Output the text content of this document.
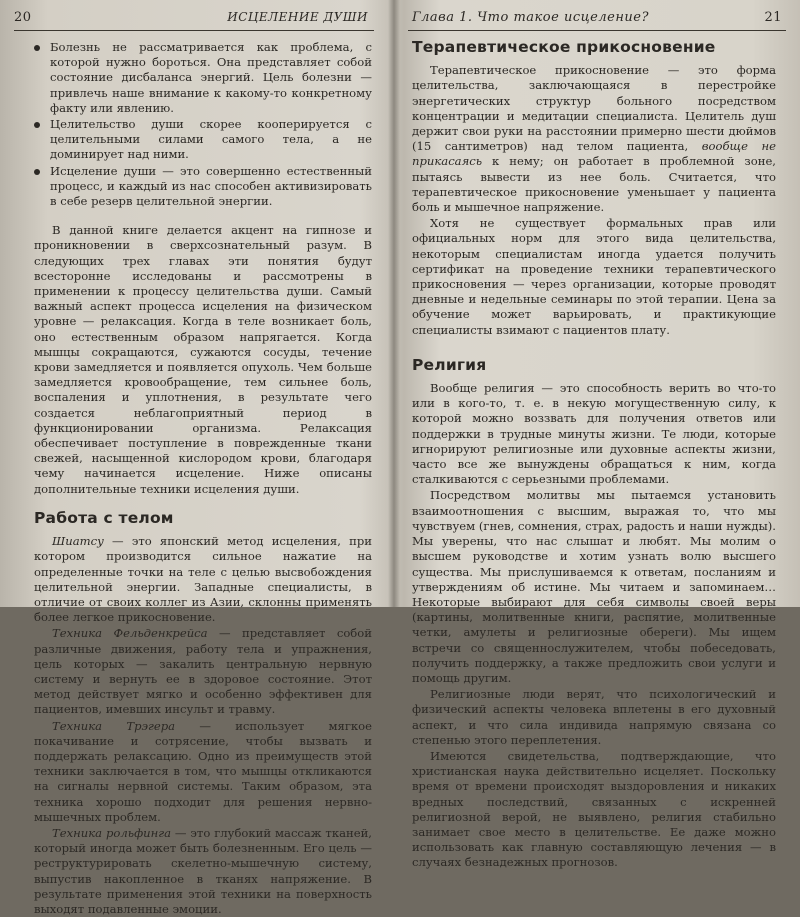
20	ИСЦЕЛЕНИЕ ДУШИ
Болезнь не рассматривается как проблема, с которой нужно бороться. Она представляет собой состояние дисбаланса энергий. Цель болезни — привлечь наше внимание к какому-то конкретному факту или явлению.
Целительство души скорее кооперируется с целительными силами самого тела, а не доминирует над ними.
Исцеление души — это совершенно естественный процесс, и каждый из нас способен активизировать в себе резерв целительной энергии.

В данной книге делается акцент на гипнозе и проникновении в сверхсознательный разум. В следующих трех главах эти понятия будут всесторонне исследованы и рассмотрены в применении к процессу целительства души. Самый важный аспект процесса исцеления на физическом уровне — релаксация. Когда в теле возникает боль, оно естественным образом напрягается. Когда мышцы сокращаются, сужаются сосуды, течение крови замедляется и появляется опухоль. Чем больше замедляется кровообращение, тем сильнее боль, воспаления и уплотнения, в результате чего создается неблагоприятный период в функционировании организма. Релаксация обеспечивает поступление в поврежденные ткани свежей, насыщенной кислородом крови, благодаря чему начинается исцеление. Ниже описаны дополнительные техники исцеления души.

Работа с телом

Шиатсу — это японский метод исцеления, при котором производится сильное нажатие на определенные точки на теле с целью высвобождения целительной энергии. Западные специалисты, в отличие от своих коллег из Азии, склонны применять более легкое прикосновение.

Техника Фельденкрейса — представляет собой различные движения, работу тела и упражнения, цель которых — закалить центральную нервную систему и вернуть ее в здоровое состояние. Этот метод действует мягко и особенно эффективен для пациентов, имевших инсульт и травму.

Техника Трэгера — использует мягкое покачивание и сотрясение, чтобы вызвать и поддержать релаксацию. Одно из преимуществ этой техники заключается в том, что мышцы откликаются на сигналы нервной системы. Таким образом, эта техника хорошо подходит для решения нервно-мышечных проблем.

Техника рольфинга — это глубокий массаж тканей, который иногда может быть болезненным. Его цель — реструктурировать скелетно-мышечную систему, выпустив накопленное в тканях напряжение. В результате применения этой техники на поверхность выходят подавленные эмоции.

Глава 1. Что такое исцеление?	21
Терапевтическое прикосновение

Терапевтическое прикосновение — это форма целительства, заключающаяся в перестройке энергетических структур больного посредством концентрации и медитации специалиста. Целитель душ держит свои руки на расстоянии примерно шести дюймов (15 сантиметров) над телом пациента, вообще не прикасаясь к нему; он работает в проблемной зоне, пытаясь вывести из нее боль. Считается, что терапевтическое прикосновение уменьшает у пациента боль и мышечное напряжение.

Хотя не существует формальных прав или официальных норм для этого вида целительства, некоторым специалистам иногда удается получить сертификат на проведение техники терапевтического прикосновения — через организации, которые проводят дневные и недельные семинары по этой терапии. Цена за обучение может варьировать, и практикующие специалисты взимают с пациентов плату.

Религия

Вообще религия — это способность верить во что-то или в кого-то, т. е. в некую могущественную силу, к которой можно воззвать для получения ответов или поддержки в трудные минуты жизни. Те люди, которые игнорируют религиозные или духовные аспекты жизни, часто все же вынуждены обращаться к ним, когда сталкиваются с серьезными проблемами.

Посредством молитвы мы пытаемся установить взаимоотношения с высшим, выражая то, что мы чувствуем (гнев, сомнения, страх, радость и наши нужды). Мы уверены, что нас слышат и любят. Мы молим о высшем руководстве и хотим узнать волю высшего существа. Мы прислушиваемся к ответам, посланиям и утверждениям об истине. Мы читаем и запоминаем… Некоторые выбирают для себя символы своей веры (картины, молитвенные книги, распятие, молитвенные четки, амулеты и религиозные обереги). Мы ищем встречи со священнослужителем, чтобы побеседовать, получить поддержку, а также предложить свои услуги и помощь другим.

Религиозные люди верят, что психологический и физический аспекты человека вплетены в его духовный аспект, и что сила индивида напрямую связана со степенью этого переплетения.

Имеются свидетельства, подтверждающие, что христианская наука действительно исцеляет. Поскольку время от времени происходят выздоровления и никаких вредных последствий, связанных с искренней религиозной верой, не выявлено, религия стабильно занимает свое место в целительстве. Ее даже можно использовать как главную составляющую лечения — в случаях безнадежных прогнозов.
